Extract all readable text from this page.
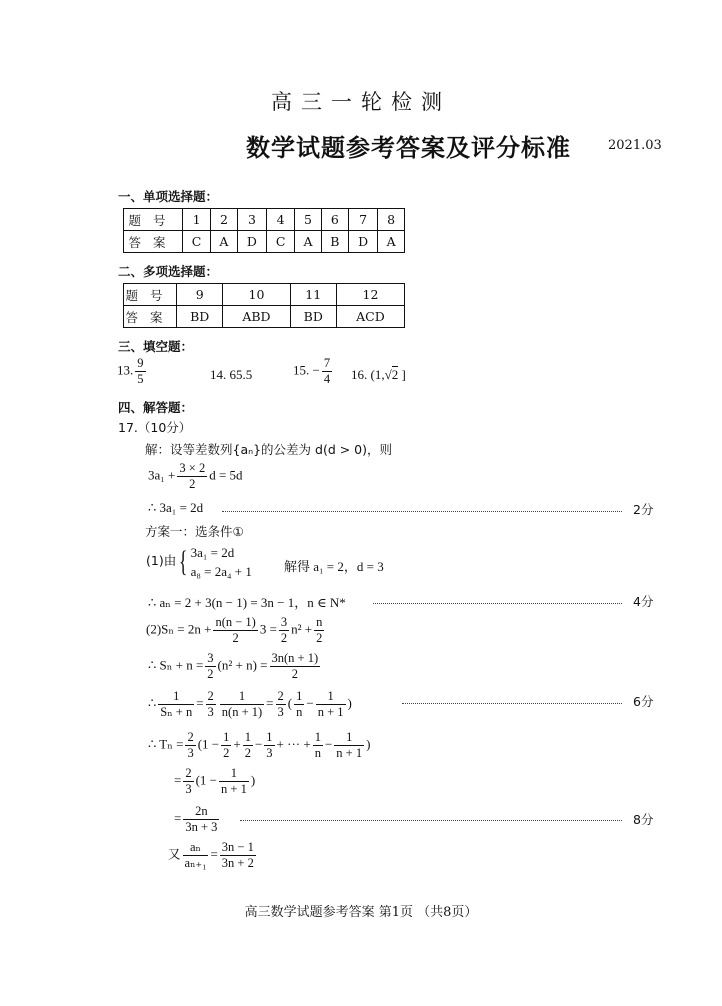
高三一轮检测
数学试题参考答案及评分标准	2021.03
一、单项选择题：
题号	1	2	3	4	5	6	7	8
答案	C	A	D	C	A	B	D	A
二、多项选择题：
题号	9	10	11	12
答案	BD	ABD	BD	ACD
三、填空题：
13. $\frac{9}{5}$	14. 65.5	15. − $\frac{7}{4} 16$. (1,√2 ]
四、解答题：
17.（10分）
解：设等差数列{aₙ}的公差为 d(d > 0)，则
$3a_1 + \frac{3 \times 2}{2}$ d = 5d
∴ 3a₁ = 2d	2分
方案一：选条件①
(1)由{ 3a₁ = 2d
a₈ = 2a₄ + 1 解得 a₁ = 2，d = 3
∴ aₙ = 2 + 3(n − 1) = 3n − 1，n ∈ N*	4分
$(2)S_n = 2n + \frac{n(n - 1)}{2} 3 = \frac{3}{2} n^2 + \frac{n}{2}$
∴ $S_n + n = \frac{3}{2} (n^2 + n) = \frac{3n(n + 1)}{2}$
∴ $\frac{1}{\text{Sₙ + n}} = \frac{2}{3} \frac{1}{n(n + 1)} = \frac{2}{3}$ ( $\frac{1}{n} - \frac{1}{n + 1}$ )	6分
∴ $T_n = \frac{2}{3} (1 - \frac{1}{2} + \frac{1}{2} - \frac{1}{3}$ + ··· + $\frac{1}{n} - \frac{1}{n + 1}$ )
= $\frac{2}{3} (1 - \frac{1}{n + 1}$ )
= $\frac{2n}{3n + 3}$	8分
又 $\frac{\text{aₙ}}{\text{aₙ₊₁}} = \frac{3n - 1}{3n + 2}$
高三数学试题参考答案 第1页 （共8页）
